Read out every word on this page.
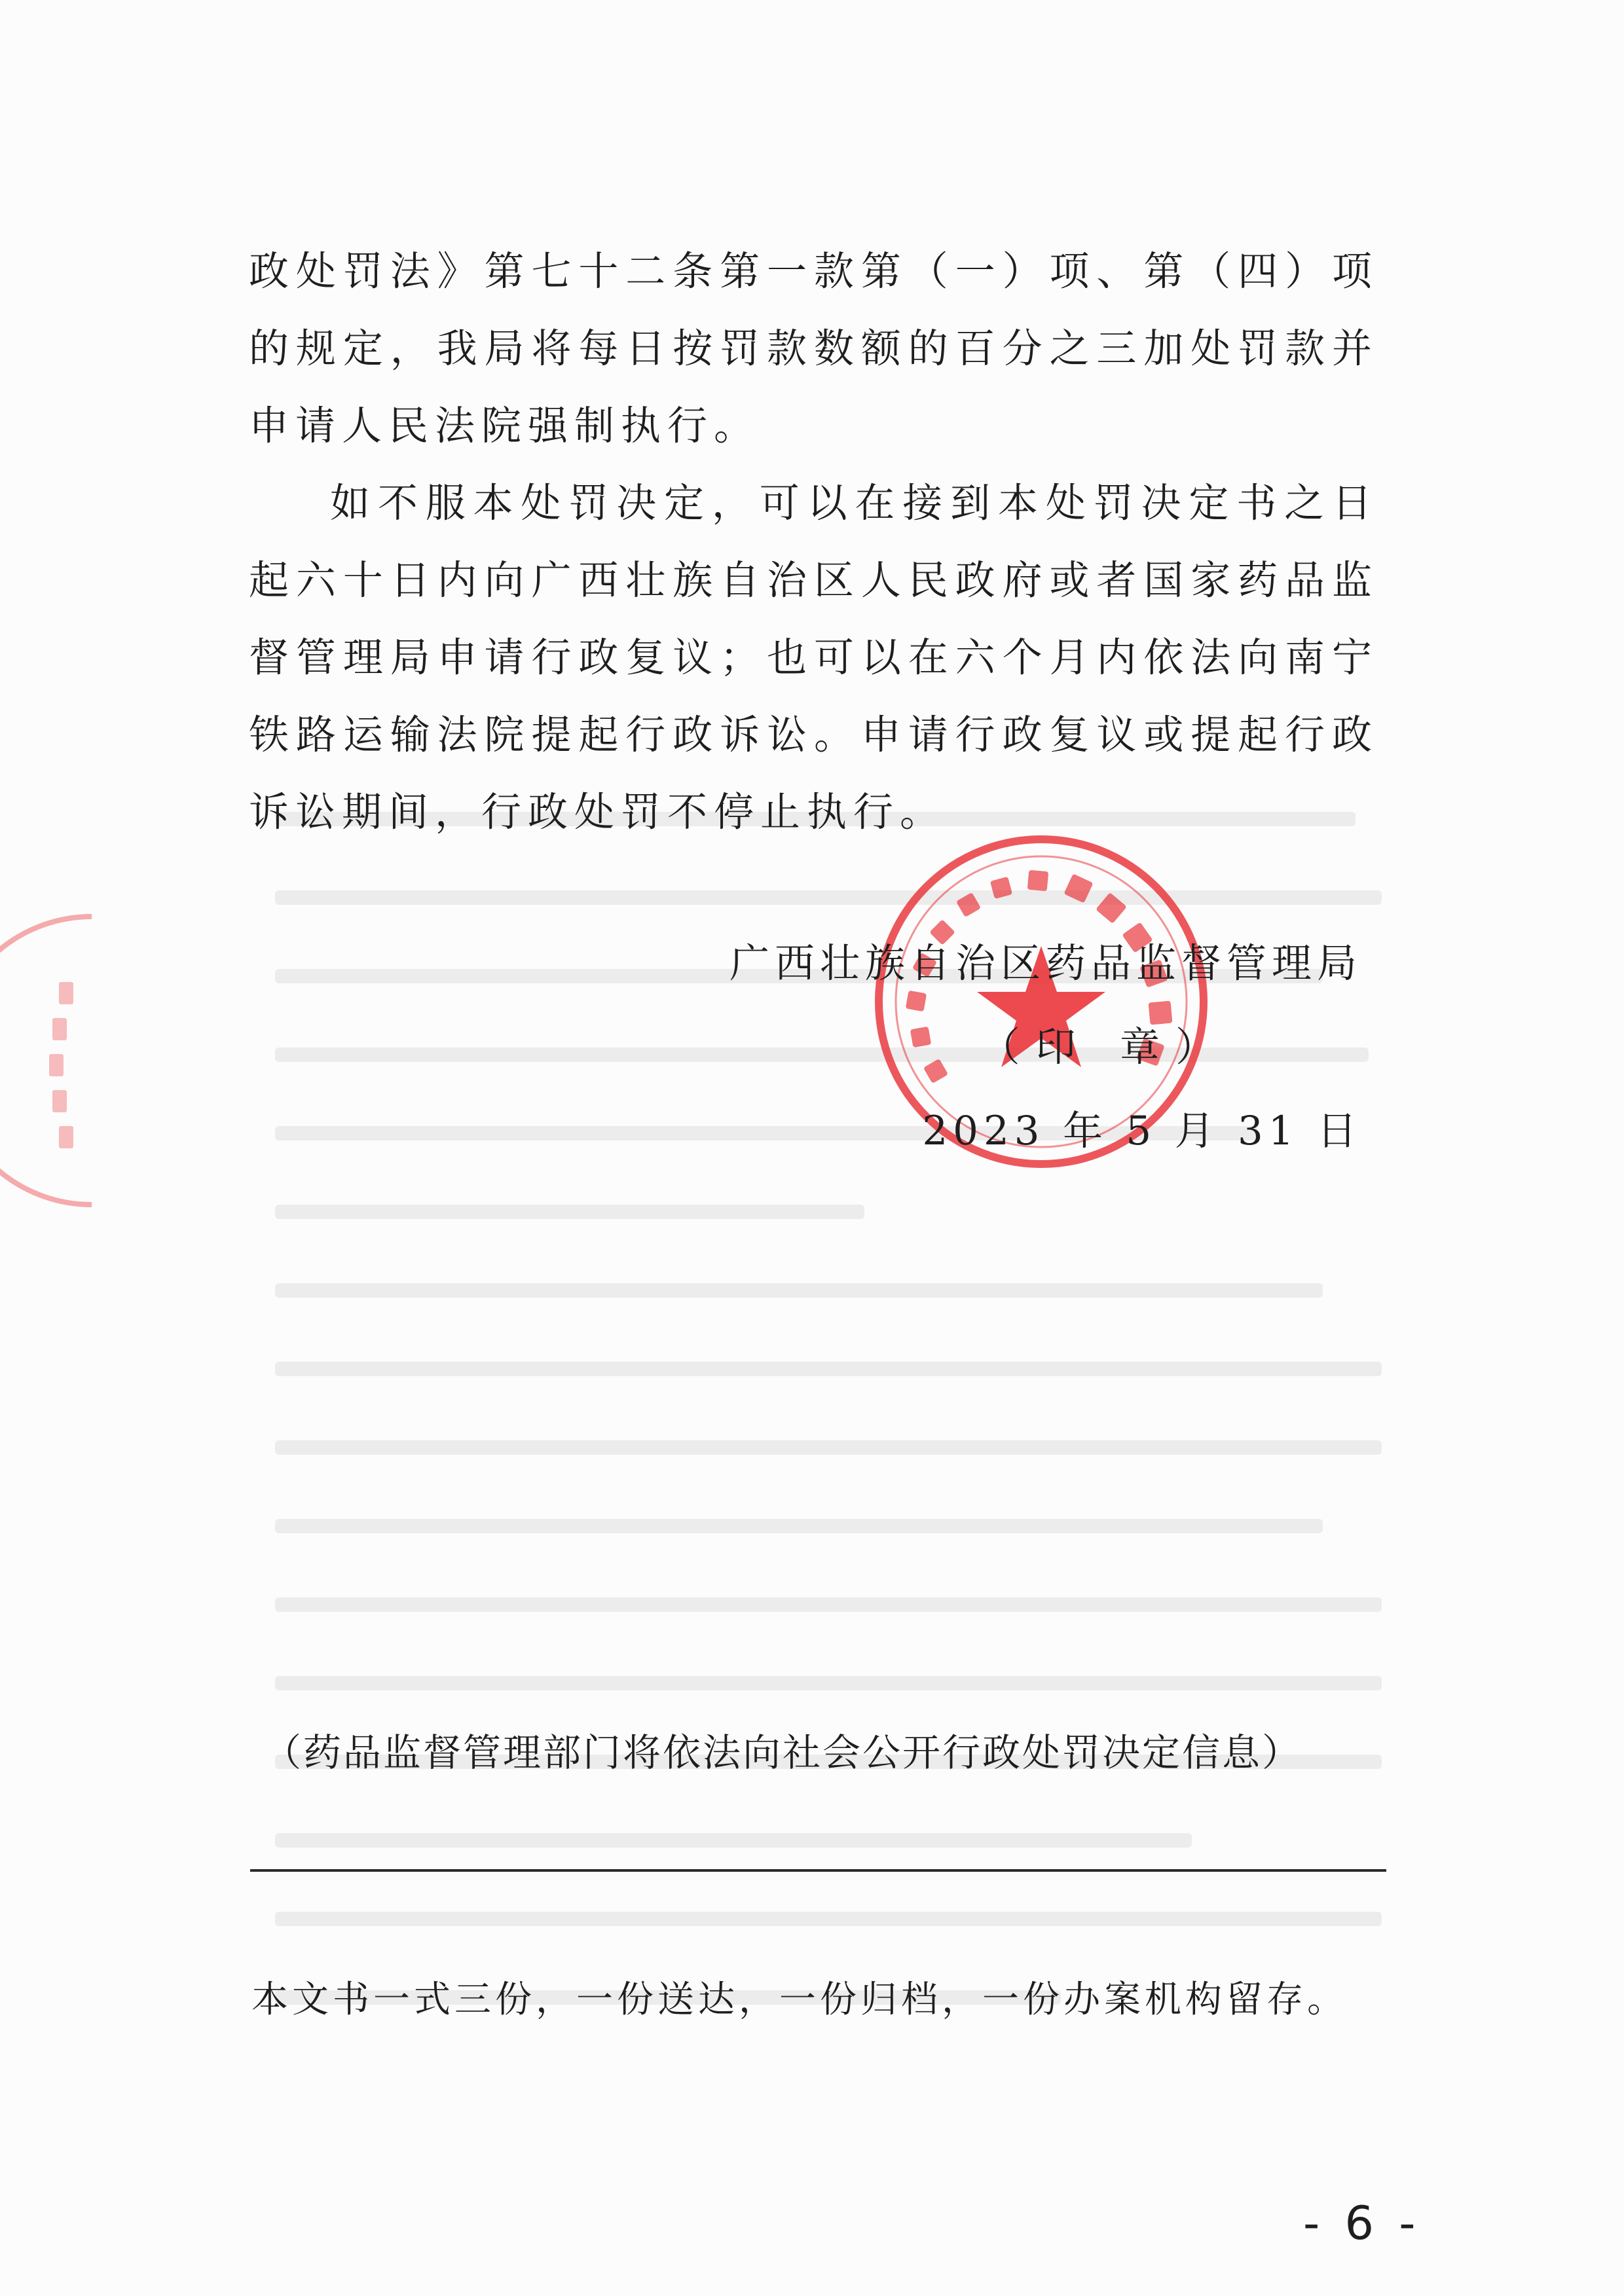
政处罚法》第七十二条第一款第（一）项、第（四）项的规定，我局将每日按罚款数额的百分之三加处罚款并申请人民法院强制执行。

如不服本处罚决定，可以在接到本处罚决定书之日起六十日内向广西壮族自治区人民政府或者国家药品监督管理局申请行政复议；也可以在六个月内依法向南宁铁路运输法院提起行政诉讼。申请行政复议或提起行政诉讼期间，行政处罚不停止执行。

广西壮族自治区药品监督管理局
（印 章）
2023 年 5 月 31 日
（药品监督管理部门将依法向社会公开行政处罚决定信息）
本文书一式三份，一份送达，一份归档，一份办案机构留存。
- 6 -
